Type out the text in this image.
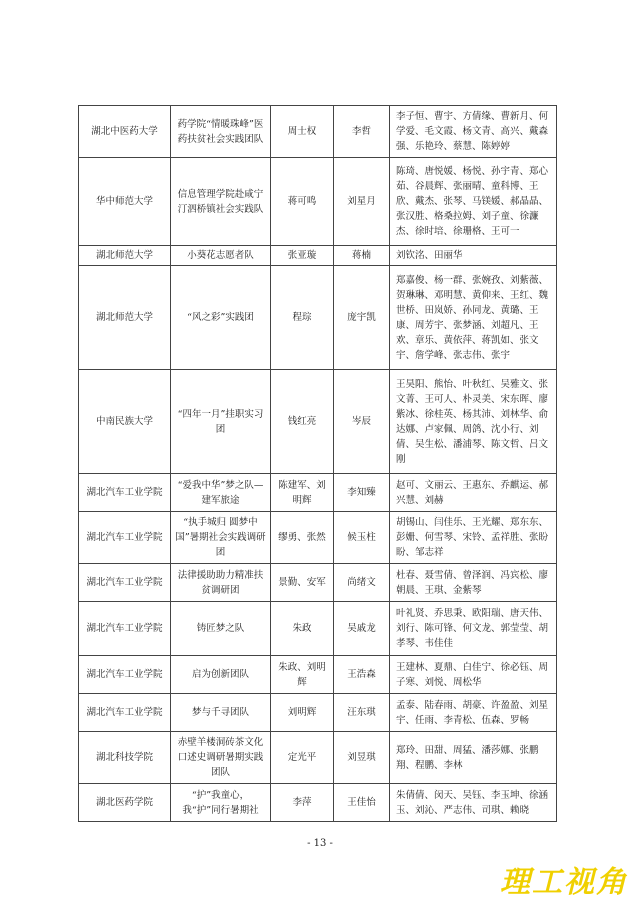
湖北中医药大学	药学院“情暖珠峰”医药扶贫社会实践团队	周士权	李哲	李子恒、曹宇、方倩缘、曹新月、何学爱、毛文霞、杨文青、高兴、戴森强、乐艳玲、蔡慧、陈婷婷
华中师范大学	信息管理学院赴咸宁汀泗桥镇社会实践队	蒋可鸣	刘星月	陈琦、唐悦媛、杨悦、孙宇青、郑心茹、谷晨辉、张丽晴、童科博、王欣、戴杰、张琴、马镁媛、郝晶晶、张汉胜、格桑拉姆、刘子童、徐濂杰、徐时培、徐珊格、王可一
湖北师范大学	小葵花志愿者队	张亚璇	蒋楠	刘钦洺、田丽华
湖北师范大学	“风之彩”实践团	程琮	庞宇凯	郑嘉俊、杨一群、张婉孜、刘紫薇、贺琳琳、邓明慧、黄仰来、王红、魏世桥、田岚娇、孙同龙、黄璐、王康、周芳宇、张梦涵、刘超凡、王欢、章乐、黄依萍、蒋凯如、张文宇、詹学峰、张志伟、张宇
中南民族大学	“四年一月”挂职实习团	钱红亮	岑辰	王昊阳、熊怡、叶秋红、吴雅文、张文菁、王可人、朴灵美、宋东晖、廖紫冰、徐桂英、杨其沛、刘林华、俞达娜、卢家佩、周鸽、沈小行、刘倩、吴生松、潘浦琴、陈文哲、吕文刚
湖北汽车工业学院	“爱我中华”梦之队—建军旅途	陈建军、刘明辉	李知臻	赵可、文丽云、王惠东、乔麒运、郝兴慧、刘赫
湖北汽车工业学院	“执手城归 圆梦中国”暑期社会实践调研团	缪勇、张然	候玉柱	胡锡山、闫佳乐、王光耀、郑东东、彭姗、何雪琴、宋铃、孟祥胜、张盼盼、邹志祥
湖北汽车工业学院	法律援助助力精准扶贫调研团	景勤、安军	尚绪文	杜春、聂雪倩、曾泽润、冯宾松、廖朝晨、王琪、金紫琴
湖北汽车工业学院	铸匠梦之队	朱政	吴戚龙	叶礼贤、乔思秉、欧阳瑞、唐天伟、刘行、陈可锋、何文龙、郭莹莹、胡孝琴、韦佳佳
湖北汽车工业学院	启为创新团队	朱政、刘明辉	王浩森	王建林、夏鼎、白佳宁、徐必钰、周子寒、刘悦、周松华
湖北汽车工业学院	梦与千寻团队	刘明辉	汪东琪	孟泰、陆春雨、胡豪、许盈盈、刘星宇、任雨、李青松、伍森、罗畅
湖北科技学院	赤壁羊楼洞砖茶文化口述史调研暑期实践团队	定光平	刘昱琪	郑玲、田甜、周猛、潘莎娜、张鹏翔、程鹏、李林
湖北医药学院	“护”我童心，我“护”同行暑期社	李萍	王佳怡	朱倩倩、闵天、吴钰、李玉坤、徐涵玉、刘沁、严志伟、司琪、赖晓
- 13 -
理工视角
